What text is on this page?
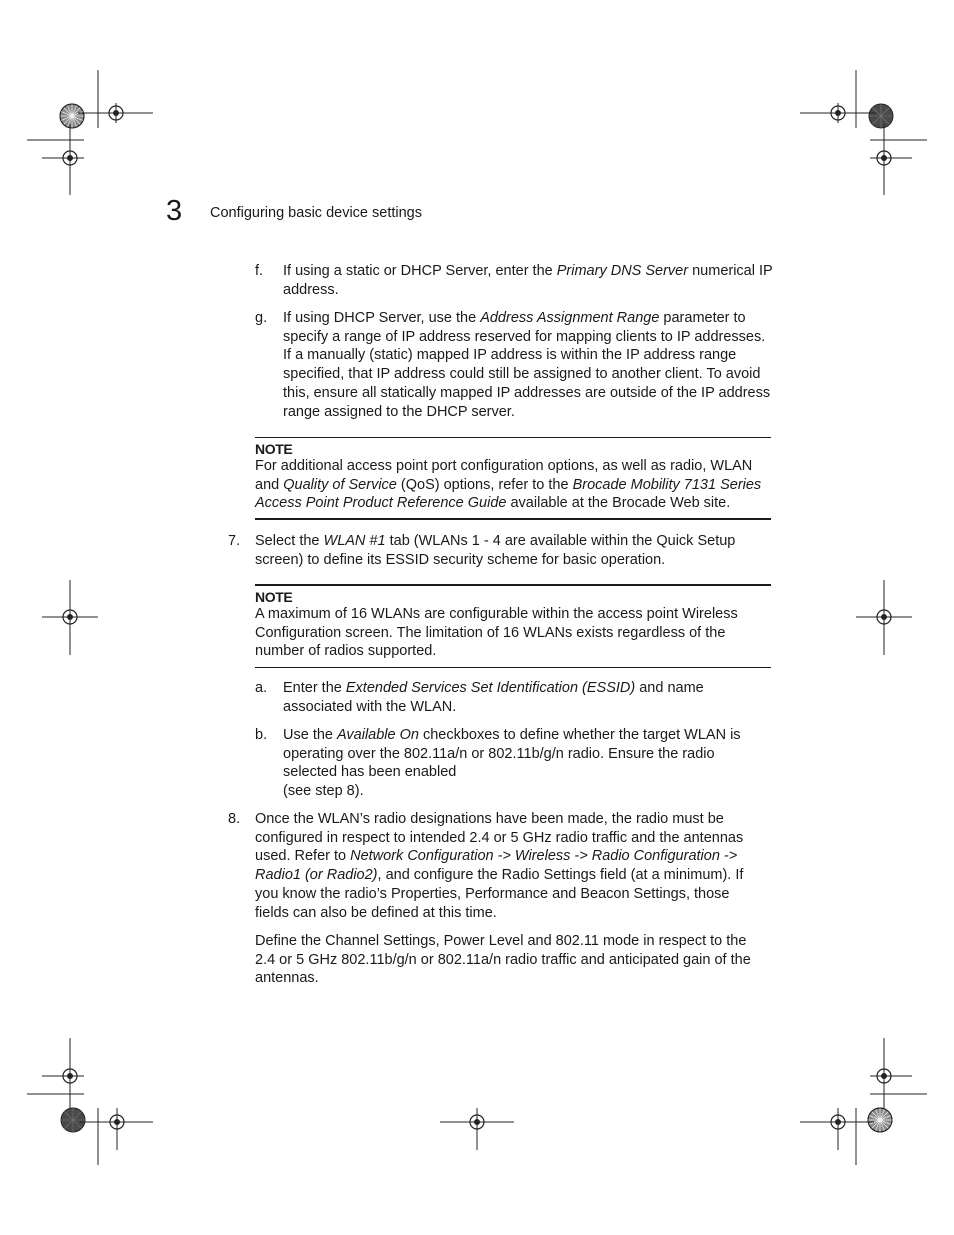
3 Configuring basic device settings
f. If using a static or DHCP Server, enter the Primary DNS Server numerical IP address.
g. If using DHCP Server, use the Address Assignment Range parameter to specify a range of IP address reserved for mapping clients to IP addresses. If a manually (static) mapped IP address is within the IP address range specified, that IP address could still be assigned to another client. To avoid this, ensure all statically mapped IP addresses are outside of the IP address range assigned to the DHCP server.
NOTE
For additional access point port configuration options, as well as radio, WLAN and Quality of Service (QoS) options, refer to the Brocade Mobility 7131 Series Access Point Product Reference Guide available at the Brocade Web site.
7. Select the WLAN #1 tab (WLANs 1 - 4 are available within the Quick Setup screen) to define its ESSID security scheme for basic operation.
NOTE
A maximum of 16 WLANs are configurable within the access point Wireless Configuration screen. The limitation of 16 WLANs exists regardless of the number of radios supported.
a. Enter the Extended Services Set Identification (ESSID) and name associated with the WLAN.
b. Use the Available On checkboxes to define whether the target WLAN is operating over the 802.11a/n or 802.11b/g/n radio. Ensure the radio selected has been enabled
(see step 8).
8. Once the WLAN’s radio designations have been made, the radio must be configured in respect to intended 2.4 or 5 GHz radio traffic and the antennas used. Refer to Network Configuration -> Wireless -> Radio Configuration -> Radio1 (or Radio2), and configure the Radio Settings field (at a minimum). If you know the radio’s Properties, Performance and Beacon Settings, those fields can also be defined at this time.
Define the Channel Settings, Power Level and 802.11 mode in respect to the 2.4 or 5 GHz 802.11b/g/n or 802.11a/n radio traffic and anticipated gain of the antennas.
